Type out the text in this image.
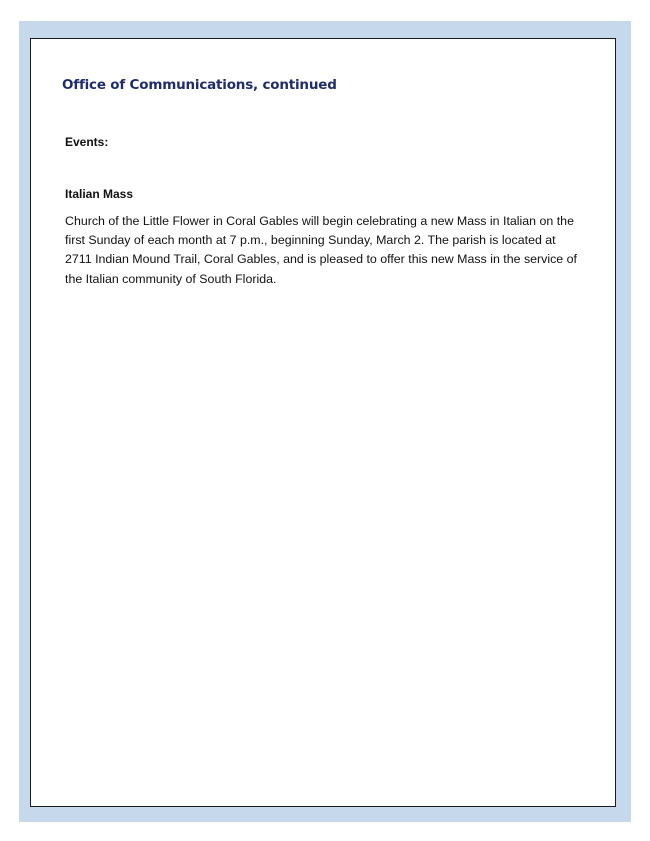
Office of Communications, continued
Events:
Italian Mass

Church of the Little Flower in Coral Gables will begin celebrating a new Mass in Italian on the first Sunday of each month at 7 p.m., beginning Sunday, March 2. The parish is located at 2711 Indian Mound Trail, Coral Gables, and is pleased to offer this new Mass in the service of the Italian community of South Florida.
